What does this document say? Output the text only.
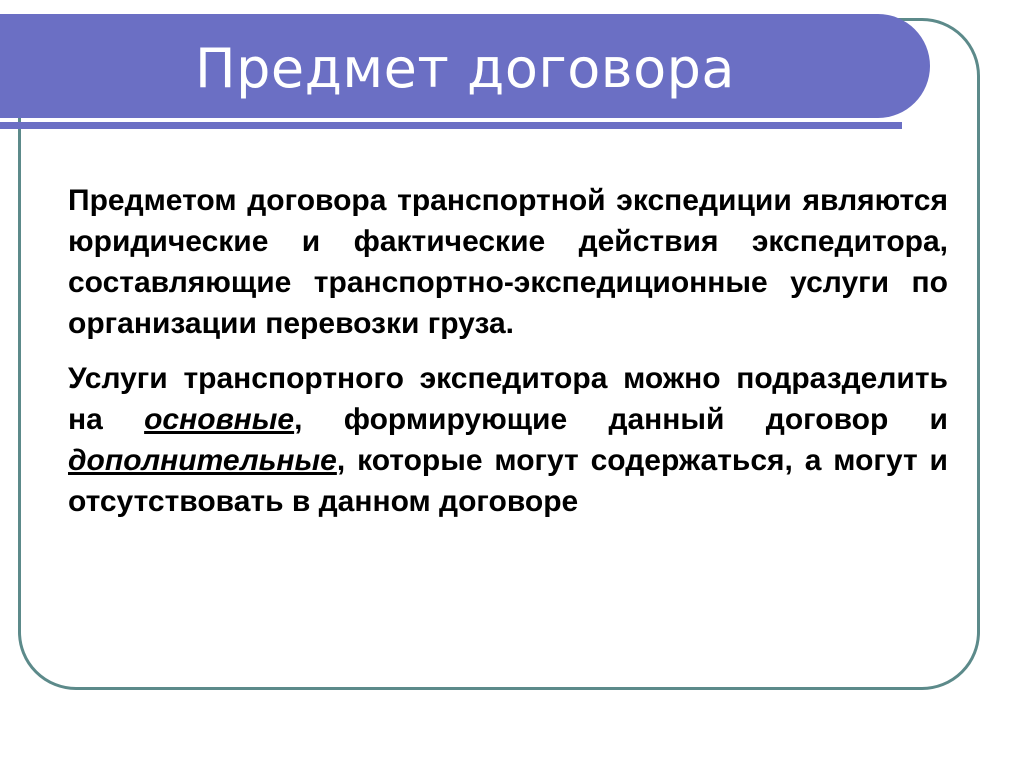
Предмет договора

Предметом договора транспортной экспедиции являются юридические и фактические действия экспедитора, составляющие транспортно-экспедиционные услуги по организации перевозки груза.

Услуги транспортного экспедитора можно подразделить на основные, формирующие данный договор и дополнительные, которые могут содержаться, а могут и отсутствовать в данном договоре
